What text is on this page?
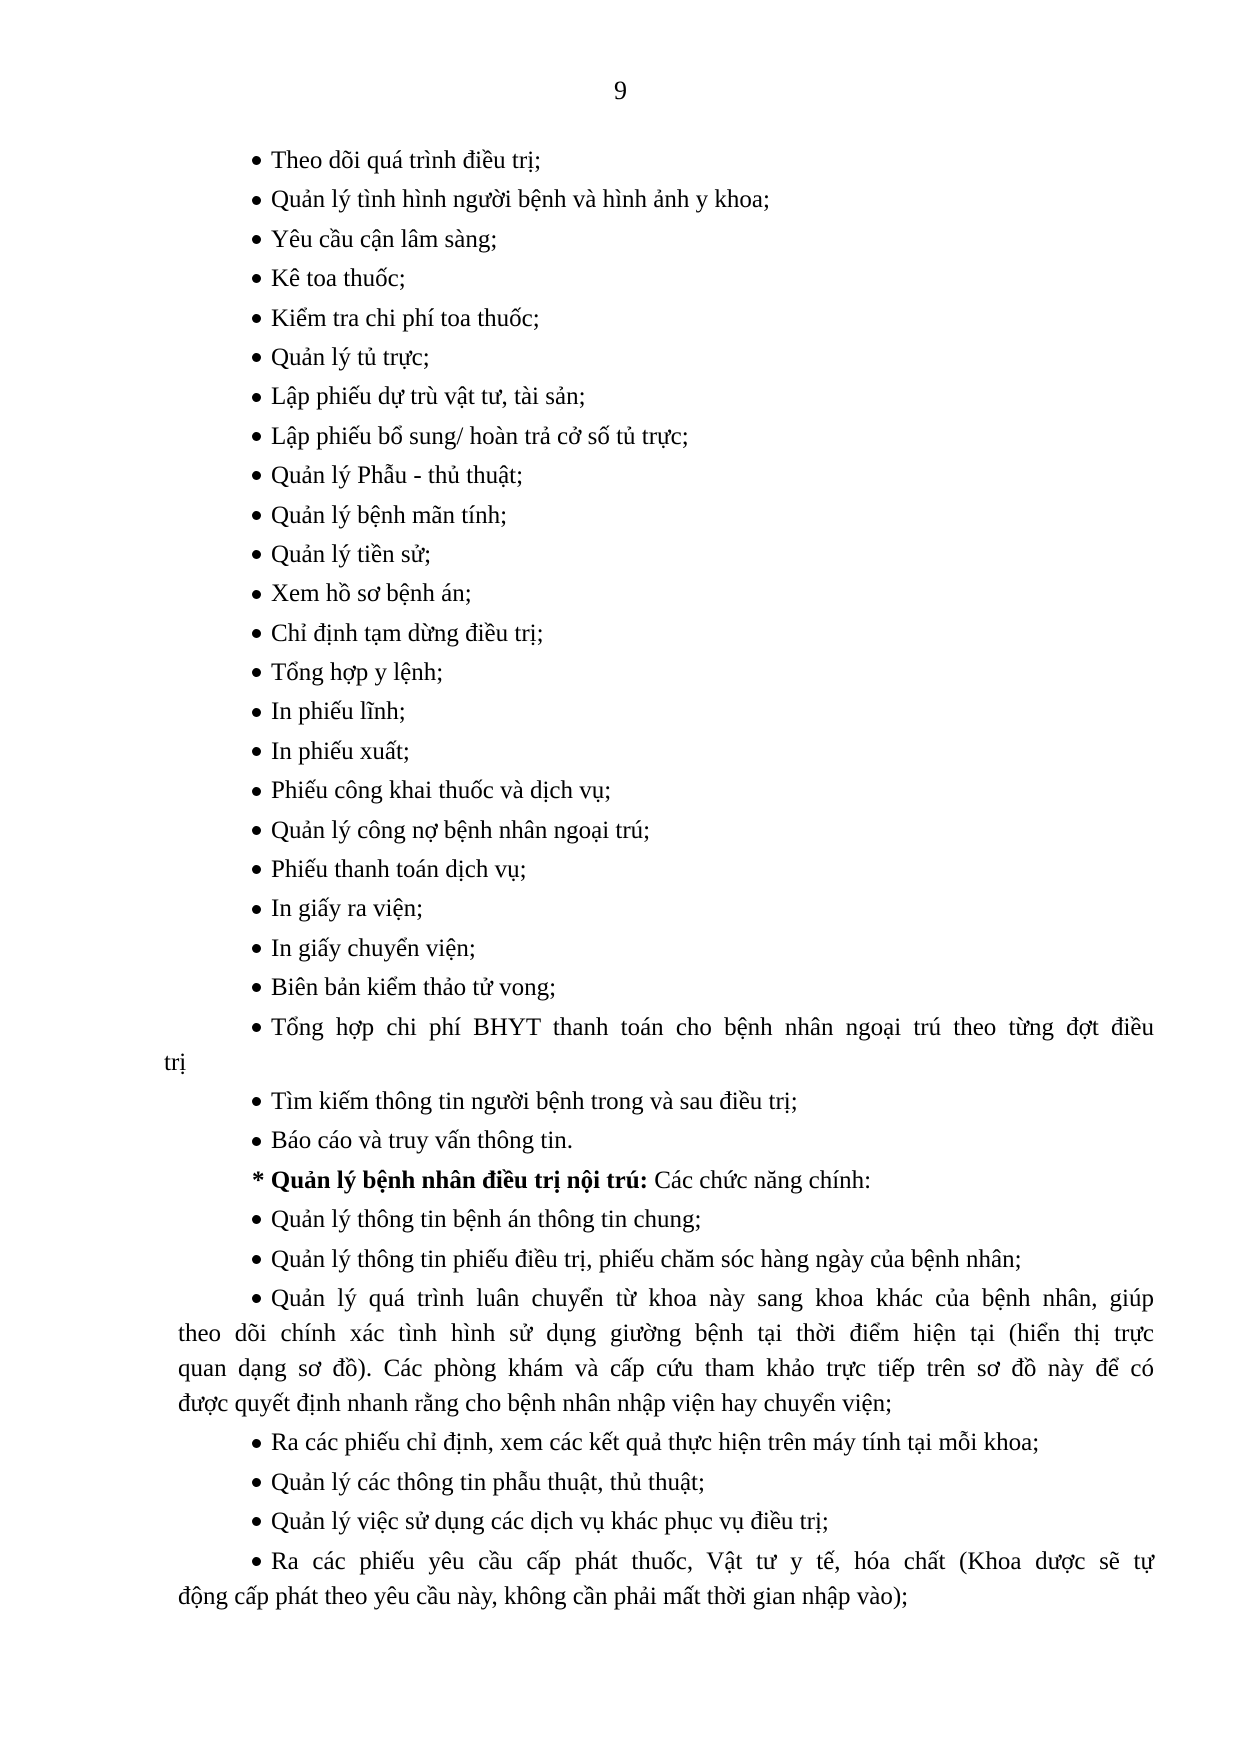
9
Theo dõi quá trình điều trị;
Quản lý tình hình người bệnh và hình ảnh y khoa;
Yêu cầu cận lâm sàng;
Kê toa thuốc;
Kiểm tra chi phí toa thuốc;
Quản lý tủ trực;
Lập phiếu dự trù vật tư, tài sản;
Lập phiếu bổ sung/ hoàn trả cở số tủ trực;
Quản lý Phẫu - thủ thuật;
Quản lý bệnh mãn tính;
Quản lý tiền sử;
Xem hồ sơ bệnh án;
Chỉ định tạm dừng điều trị;
Tổng hợp y lệnh;
In phiếu lĩnh;
In phiếu xuất;
Phiếu công khai thuốc và dịch vụ;
Quản lý công nợ bệnh nhân ngoại trú;
Phiếu thanh toán dịch vụ;
In giấy ra viện;
In giấy chuyển viện;
Biên bản kiểm thảo tử vong;
Tổng hợp chi phí BHYT thanh toán cho bệnh nhân ngoại trú theo từng đợt điều
trị
Tìm kiếm thông tin người bệnh trong và sau điều trị;
Báo cáo và truy vấn thông tin.
* Quản lý bệnh nhân điều trị nội trú: Các chức năng chính:
Quản lý thông tin bệnh án thông tin chung;
Quản lý thông tin phiếu điều trị, phiếu chăm sóc hàng ngày của bệnh nhân;
Quản lý quá trình luân chuyển từ khoa này sang khoa khác của bệnh nhân, giúp
theo dõi chính xác tình hình sử dụng giường bệnh tại thời điểm hiện tại (hiển thị trực
quan dạng sơ đồ). Các phòng khám và cấp cứu tham khảo trực tiếp trên sơ đồ này để có
được quyết định nhanh rằng cho bệnh nhân nhập viện hay chuyển viện;
Ra các phiếu chỉ định, xem các kết quả thực hiện trên máy tính tại mỗi khoa;
Quản lý các thông tin phẫu thuật, thủ thuật;
Quản lý việc sử dụng các dịch vụ khác phục vụ điều trị;
Ra các phiếu yêu cầu cấp phát thuốc, Vật tư y tế, hóa chất (Khoa dược sẽ tự
động cấp phát theo yêu cầu này, không cần phải mất thời gian nhập vào);
